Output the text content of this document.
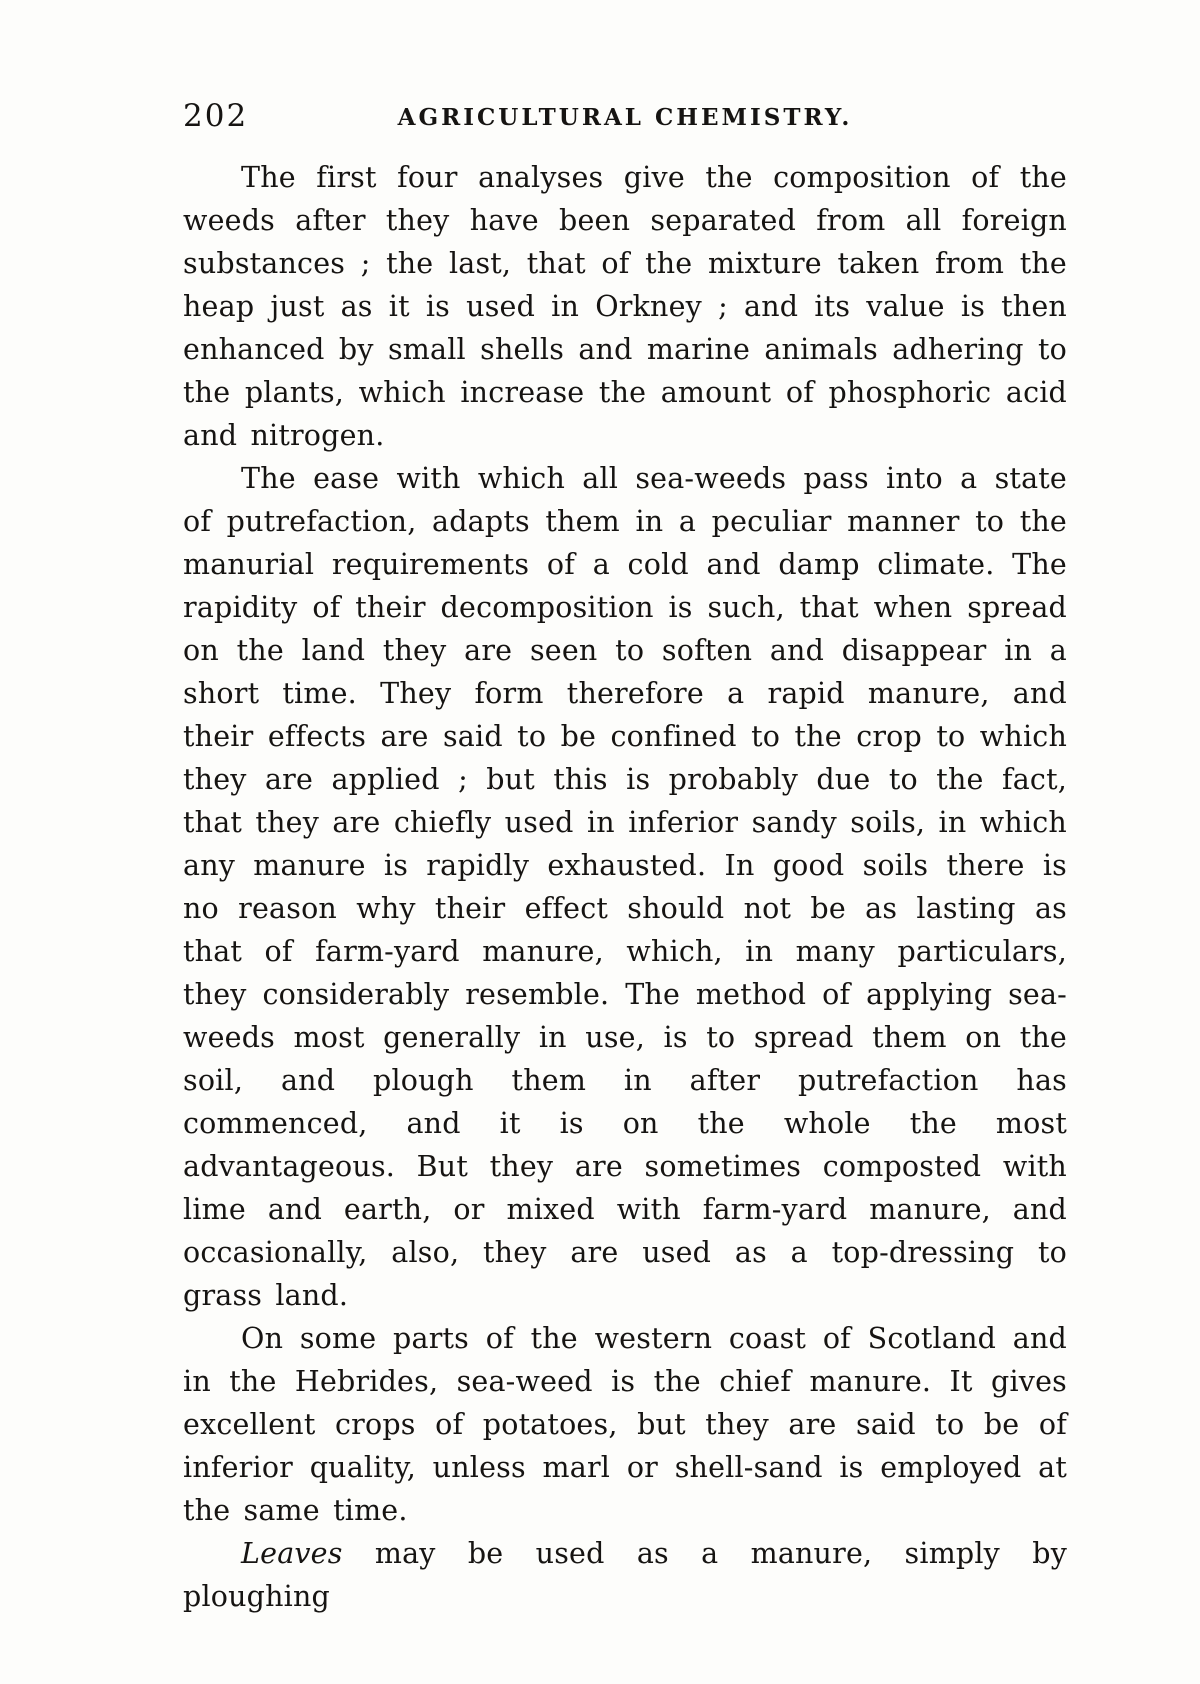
202	AGRICULTURAL CHEMISTRY.

The first four analyses give the composition of the weeds after they have been separated from all foreign substances ; the last, that of the mixture taken from the heap just as it is used in Orkney ; and its value is then enhanced by small shells and marine animals adhering to the plants, which increase the amount of phosphoric acid and nitrogen.

The ease with which all sea-weeds pass into a state of putrefaction, adapts them in a peculiar manner to the manurial requirements of a cold and damp climate. The rapidity of their decomposition is such, that when spread on the land they are seen to soften and disappear in a short time. They form therefore a rapid manure, and their effects are said to be confined to the crop to which they are applied ; but this is probably due to the fact, that they are chiefly used in inferior sandy soils, in which any manure is rapidly exhausted. In good soils there is no reason why their effect should not be as lasting as that of farm-yard manure, which, in many particulars, they considerably resemble. The method of applying sea-weeds most generally in use, is to spread them on the soil, and plough them in after putrefaction has commenced, and it is on the whole the most advantageous. But they are sometimes composted with lime and earth, or mixed with farm-yard manure, and occasionally, also, they are used as a top-dressing to grass land.

On some parts of the western coast of Scotland and in the Hebrides, sea-weed is the chief manure. It gives excellent crops of potatoes, but they are said to be of inferior quality, unless marl or shell-sand is employed at the same time.

Leaves may be used as a manure, simply by ploughing
